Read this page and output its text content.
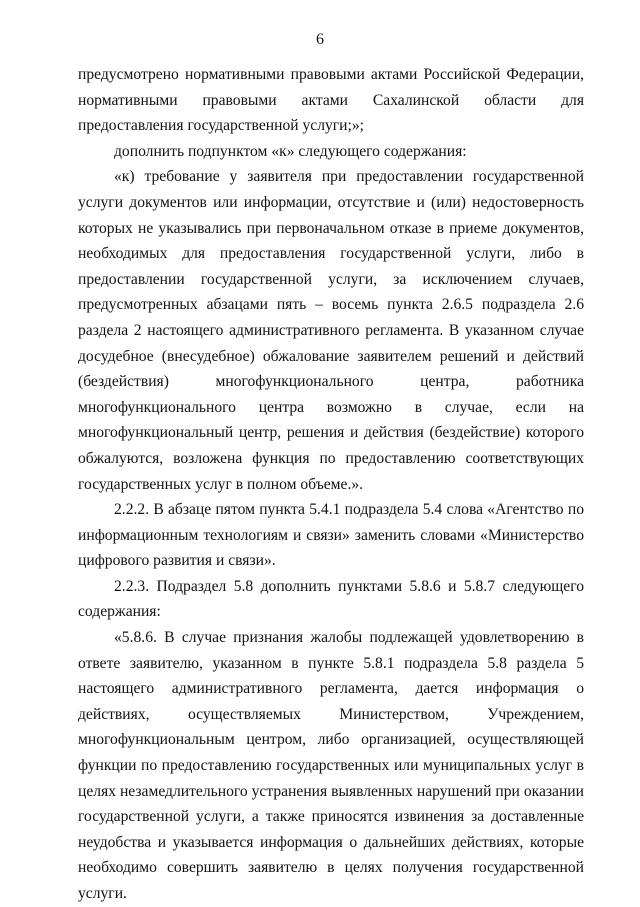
6

предусмотрено нормативными правовыми актами Российской Федерации, нормативными правовыми актами Сахалинской области для предоставления государственной услуги;»;

дополнить подпунктом «к» следующего содержания:

«к) требование у заявителя при предоставлении государственной услуги документов или информации, отсутствие и (или) недостоверность которых не указывались при первоначальном отказе в приеме документов, необходимых для предоставления государственной услуги, либо в предоставлении государственной услуги, за исключением случаев, предусмотренных абзацами пять – восемь пункта 2.6.5 подраздела 2.6 раздела 2 настоящего административного регламента. В указанном случае досудебное (внесудебное) обжалование заявителем решений и действий (бездействия) многофункционального центра, работника многофункционального центра возможно в случае, если на многофункциональный центр, решения и действия (бездействие) которого обжалуются, возложена функция по предоставлению соответствующих государственных услуг в полном объеме.».

2.2.2. В абзаце пятом пункта 5.4.1 подраздела 5.4 слова «Агентство по информационным технологиям и связи» заменить словами «Министерство цифрового развития и связи».

2.2.3. Подраздел 5.8 дополнить пунктами 5.8.6 и 5.8.7 следующего содержания:

«5.8.6. В случае признания жалобы подлежащей удовлетворению в ответе заявителю, указанном в пункте 5.8.1 подраздела 5.8 раздела 5 настоящего административного регламента, дается информация о действиях, осуществляемых Министерством, Учреждением, многофункциональным центром, либо организацией, осуществляющей функции по предоставлению государственных или муниципальных услуг в целях незамедлительного устранения выявленных нарушений при оказании государственной услуги, а также приносятся извинения за доставленные неудобства и указывается информация о дальнейших действиях, которые необходимо совершить заявителю в целях получения государственной услуги.
